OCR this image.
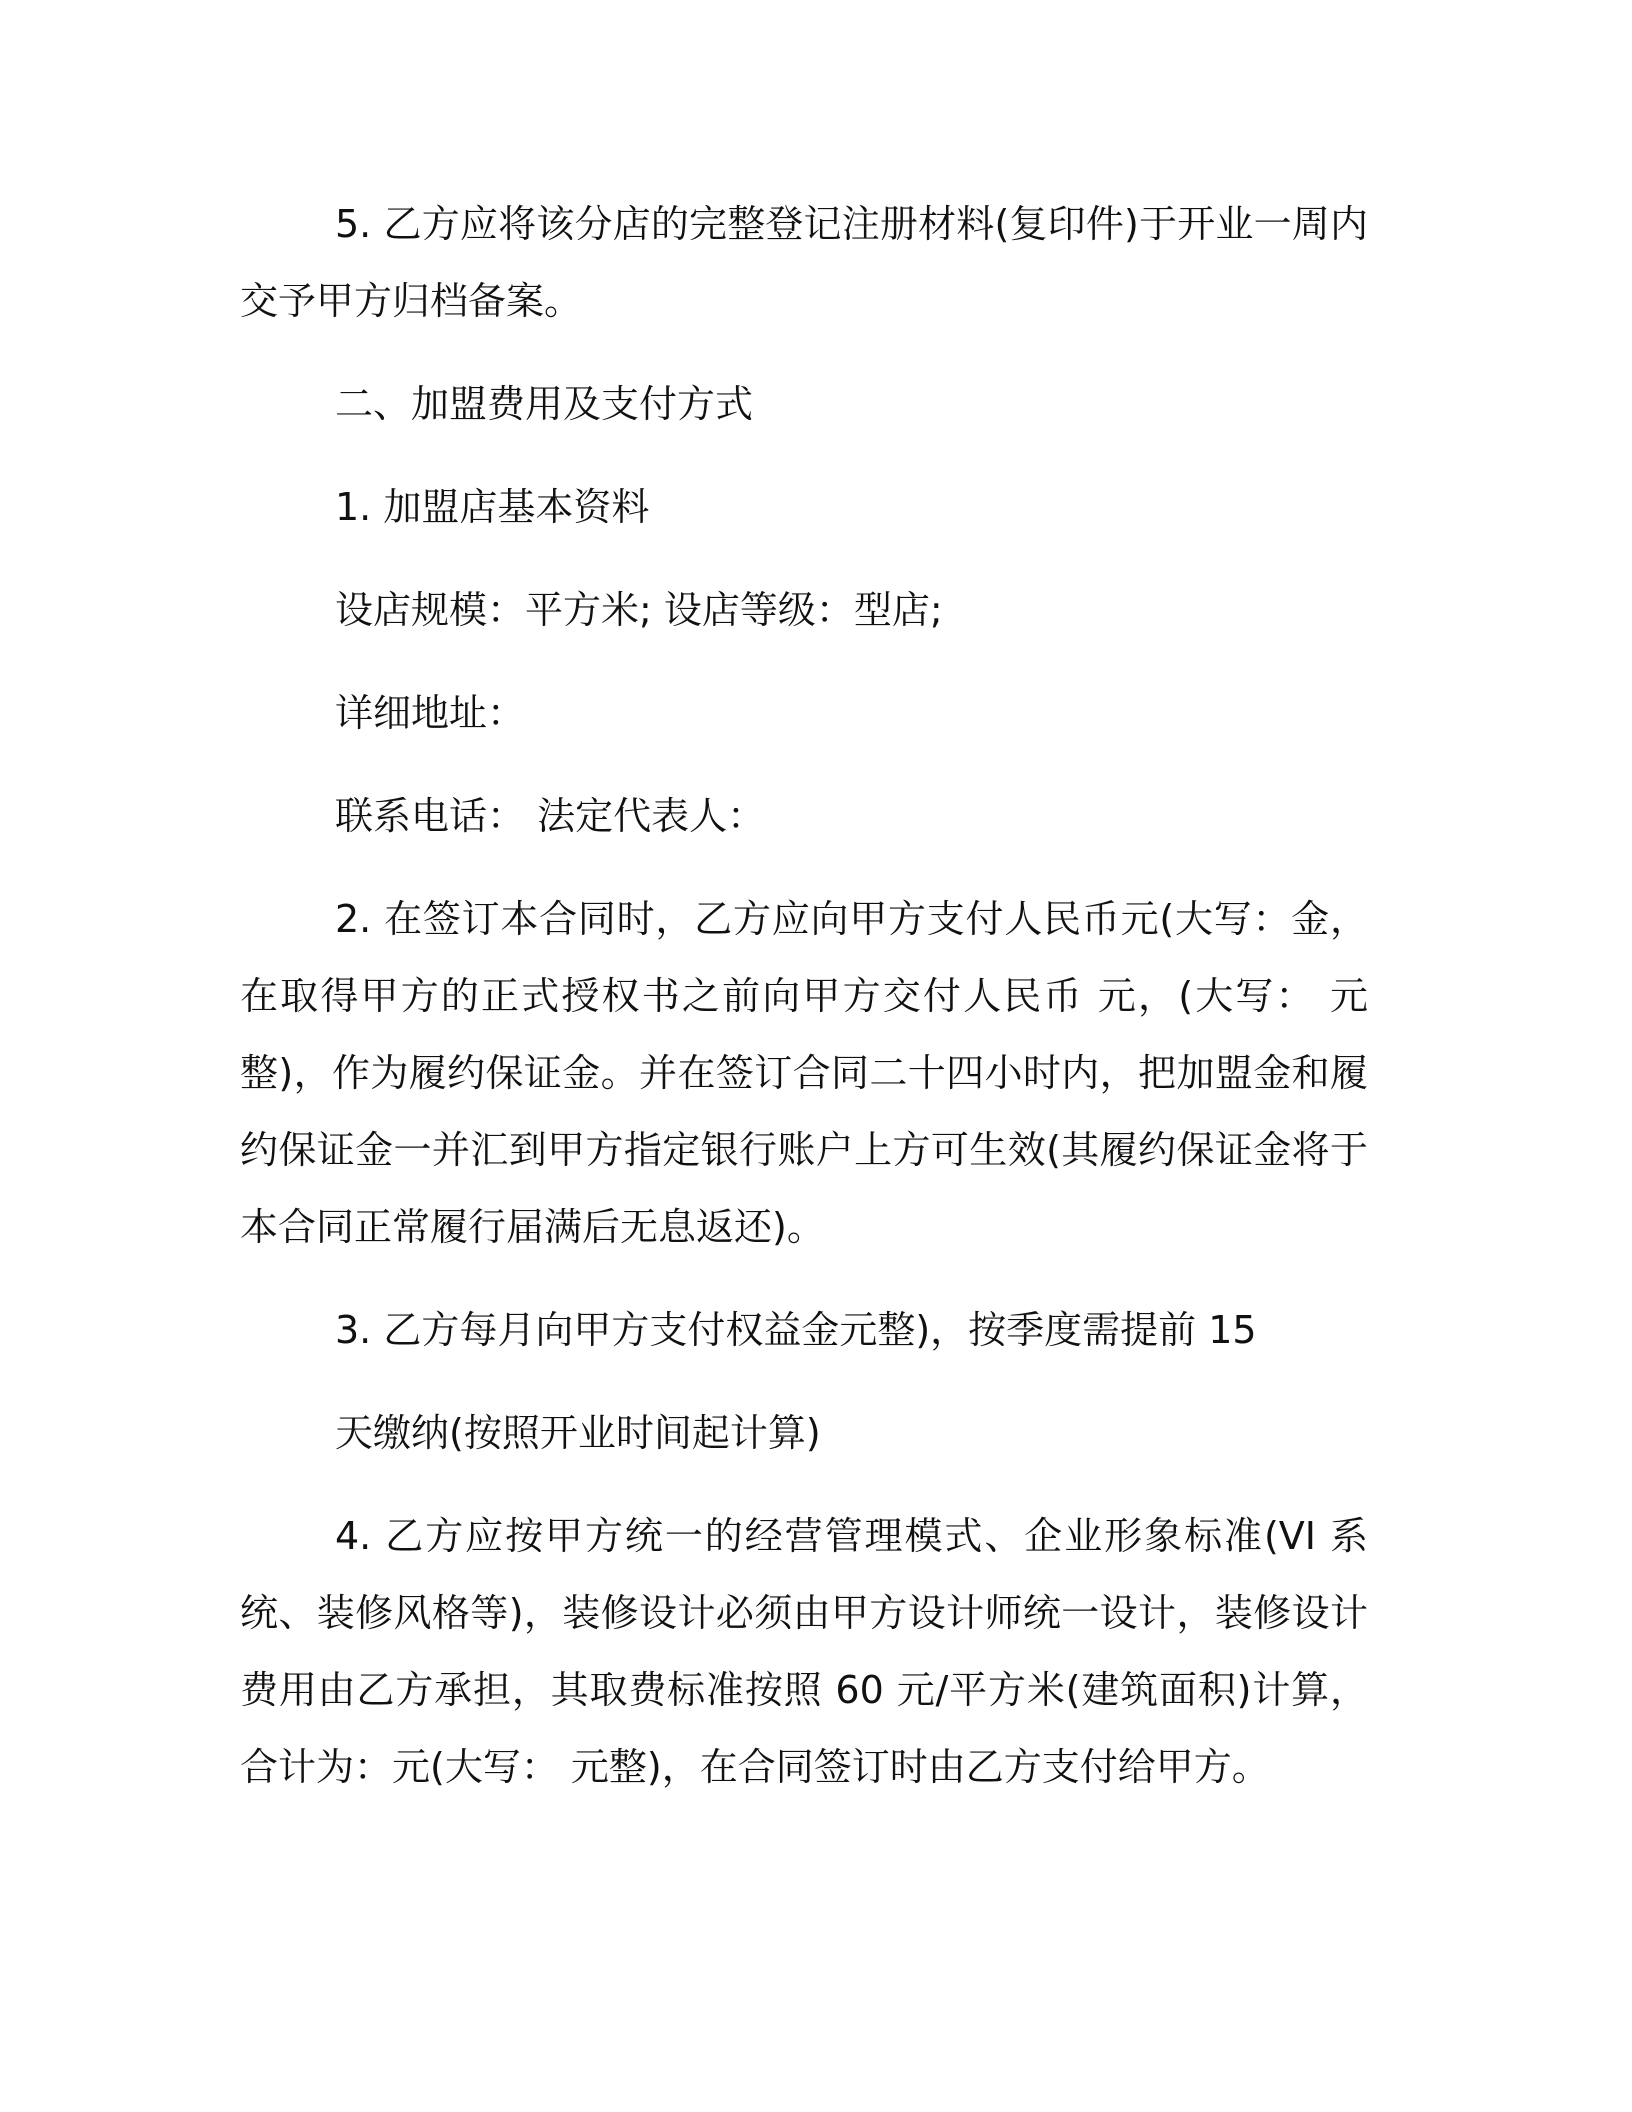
5. 乙方应将该分店的完整登记注册材料(复印件)于开业一周内交予甲方归档备案。

二、加盟费用及支付方式

1. 加盟店基本资料

设店规模：平方米; 设店等级：型店;

详细地址：

联系电话： 法定代表人：

2. 在签订本合同时，乙方应向甲方支付人民币元(大写：金，在取得甲方的正式授权书之前向甲方交付人民币 元，(大写： 元整)，作为履约保证金。并在签订合同二十四小时内，把加盟金和履约保证金一并汇到甲方指定银行账户上方可生效(其履约保证金将于本合同正常履行届满后无息返还)。

3. 乙方每月向甲方支付权益金元整)，按季度需提前 15

天缴纳(按照开业时间起计算)

4. 乙方应按甲方统一的经营管理模式、企业形象标准(VI 系统、装修风格等)，装修设计必须由甲方设计师统一设计，装修设计费用由乙方承担，其取费标准按照 60 元/平方米(建筑面积)计算，合计为：元(大写： 元整)，在合同签订时由乙方支付给甲方。
